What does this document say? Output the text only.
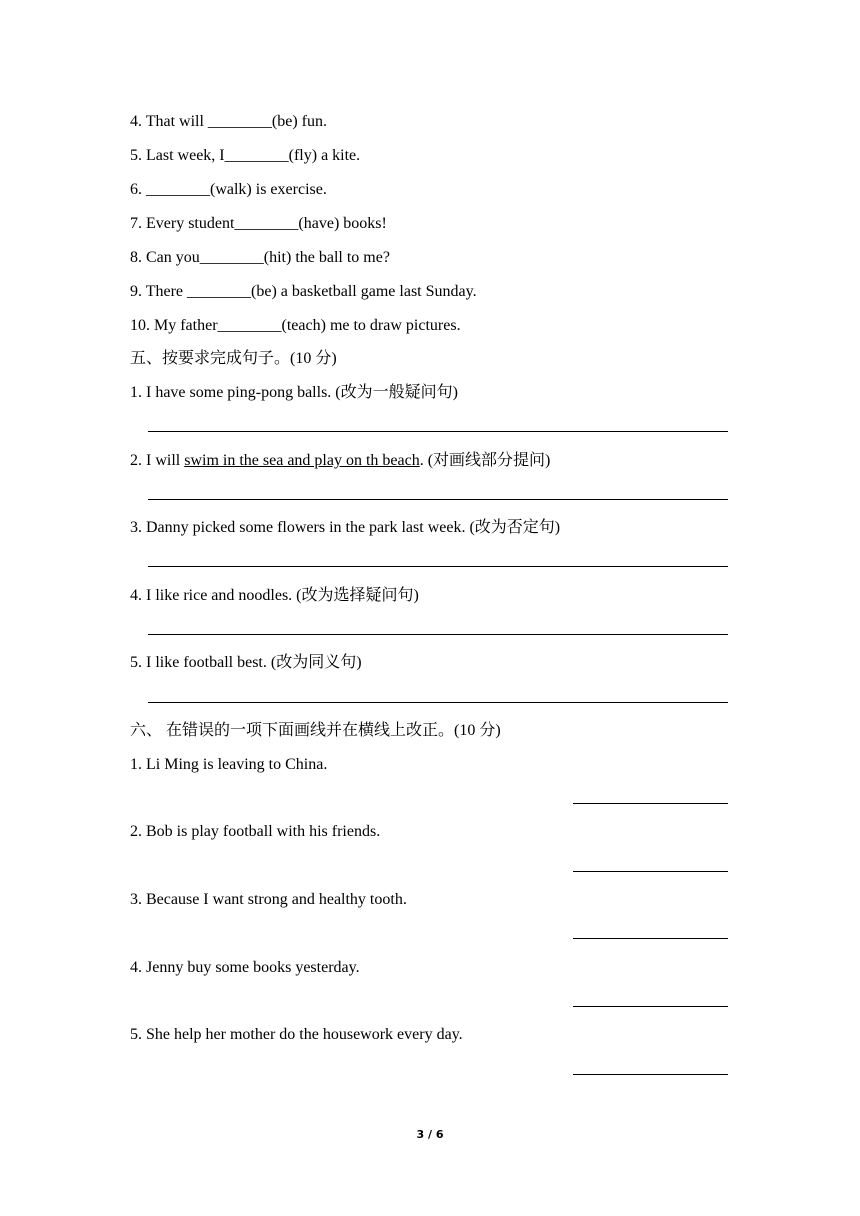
4. That will ________(be) fun.
5. Last week, I________(fly) a kite.
6. ________(walk) is exercise.
7. Every student________(have) books!
8. Can you________(hit) the ball to me?
9. There ________(be) a basketball game last Sunday.
10. My father________(teach) me to draw pictures.
五、按要求完成句子。(10 分)
1. I have some ping-pong balls. (改为一般疑问句)
2. I will swim in the sea and play on th beach. (对画线部分提问)
3. Danny picked some flowers in the park last week. (改为否定句)
4. I like rice and noodles. (改为选择疑问句)
5. I like football best. (改为同义句)
六、 在错误的一项下面画线并在横线上改正。(10 分)
1. Li Ming is leaving to China.
2. Bob is play football with his friends.
3. Because I want strong and healthy tooth.
4. Jenny buy some books yesterday.
5. She help her mother do the housework every day.
3 / 6
